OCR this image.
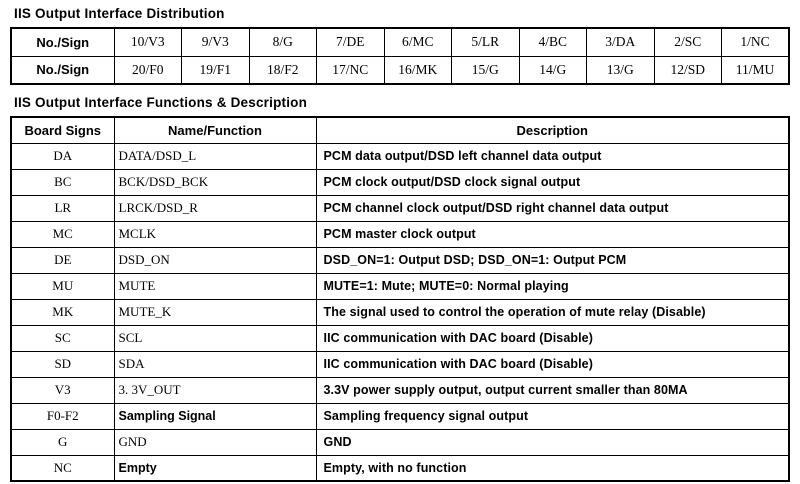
IIS Output Interface Distribution
No./Sign	10/V3	9/V3	8/G	7/DE	6/MC	5/LR	4/BC	3/DA	2/SC	1/NC
No./Sign	20/F0	19/F1	18/F2	17/NC	16/MK	15/G	14/G	13/G	12/SD	11/MU
IIS Output Interface Functions & Description
Board Signs	Name/Function	Description
DA	DATA/DSD_L	PCM data output/DSD left channel data output
BC	BCK/DSD_BCK	PCM clock output/DSD clock signal output
LR	LRCK/DSD_R	PCM channel clock output/DSD right channel data output
MC	MCLK	PCM master clock output
DE	DSD_ON	DSD_ON=1: Output DSD; DSD_ON=1: Output PCM
MU	MUTE	MUTE=1: Mute; MUTE=0: Normal playing
MK	MUTE_K	The signal used to control the operation of mute relay (Disable)
SC	SCL	IIC communication with DAC board (Disable)
SD	SDA	IIC communication with DAC board (Disable)
V3	3. 3V_OUT	3.3V power supply output, output current smaller than 80MA
F0-F2	Sampling Signal	Sampling frequency signal output
G	GND	GND
NC	Empty	Empty, with no function
